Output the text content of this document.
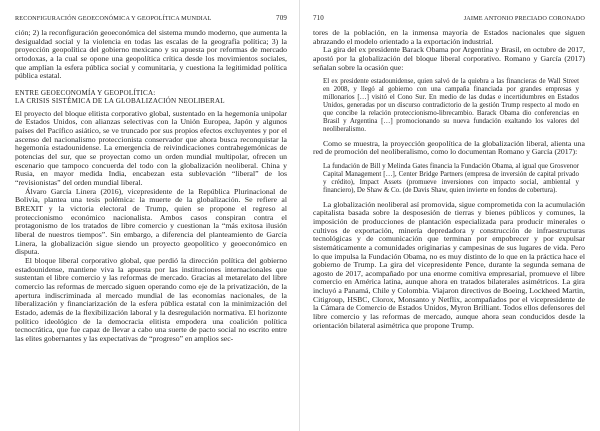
RECONFIGURACIÓN GEOECONÓMICA Y GEOPOLÍTICA MUNDIAL	709

ción; 2) la reconfiguración geoeconómica del sistema mundo moderno, que aumenta la desigualdad social y la violencia en todas las escalas de la geografía política; 3) la proyección geopolítica del gobierno mexicano y su apuesta por reformas de mercado ortodoxas, a la cual se opone una geopolítica crítica desde los movimientos sociales, que amplían la esfera pública social y comunitaria, y cuestiona la legitimidad política pública estatal.

ENTRE GEOECONOMÍA Y GEOPOLÍTICA:
LA CRISIS SISTÉMICA DE LA GLOBALIZACIÓN NEOLIBERAL

El proyecto del bloque elitista corporativo global, sustentado en la hegemonía unipolar de Estados Unidos, con alianzas selectivas con la Unión Europea, Japón y algunos países del Pacífico asiático, se ve truncado por sus propios efectos excluyentes y por el ascenso del nacionalismo proteccionista conservador que ahora busca reconquistar la hegemonía estadounidense. La emergencia de reivindicaciones contrahegemónicas de potencias del sur, que se proyectan como un orden mundial multipolar, ofrecen un escenario que tampoco concuerda del todo con la globalización neoliberal. China y Rusia, en mayor medida India, encabezan esta sublevación “liberal” de los “revisionistas” del orden mundial liberal.

Álvaro García Linera (2016), vicepresidente de la República Plurinacional de Bolivia, plantea una tesis polémica: la muerte de la globalización. Se refiere al BREXIT y la victoria electoral de Trump, quien se propone el regreso al proteccionismo económico nacionalista. Ambos casos conspiran contra el protagonismo de los tratados de libre comercio y cuestionan la “más exitosa ilusión liberal de nuestros tiempos”. Sin embargo, a diferencia del planteamiento de García Linera, la globalización sigue siendo un proyecto geopolítico y geoeconómico en disputa.

El bloque liberal corporativo global, que perdió la dirección política del gobierno estadounidense, mantiene viva la apuesta por las instituciones internacionales que sustentan el libre comercio y las reformas de mercado. Gracias al metarelato del libre comercio las reformas de mercado siguen operando como eje de la privatización, de la apertura indiscriminada al mercado mundial de las economías nacionales, de la liberalización y financiarización de la esfera pública estatal con la minimización del Estado, además de la flexibilización laboral y la desregulación normativa. El horizonte político ideológico de la democracia elitista empodera una coalición política tecnocrática, que fue capaz de llevar a cabo una suerte de pacto social no escrito entre las elites gobernantes y las expectativas de “progreso” en amplios sec-

710	JAIME ANTONIO PRECIADO CORONADO

tores de la población, en la inmensa mayoría de Estados nacionales que siguen abrazando el modelo orientado a la exportación industrial.

La gira del ex presidente Barack Obama por Argentina y Brasil, en octubre de 2017, apostó por la globalización del bloque liberal corporativo. Romano y García (2017) señalan sobre la ocasión que:

El ex presidente estadounidense, quien salvó de la quiebra a las financieras de Wall Street en 2008, y llegó al gobierno con una campaña financiada por grandes empresas y millonarios […] visitó el Cono Sur. En medio de las dudas e incertidumbres en Estados Unidos, generadas por un discurso contradictorio de la gestión Trump respecto al modo en que concibe la relación proteccionismo-librecambio. Barack Obama dio conferencias en Brasil y Argentina […] promocionando su nueva fundación exaltando los valores del neoliberalismo.

Como se muestra, la proyección geopolítica de la globalización liberal, alienta una red de promoción del neoliberalismo, como lo documentan Romano y García (2017):

La fundación de Bill y Melinda Gates financia la Fundación Obama, al igual que Grosvenor Capital Management […], Center Bridge Partners (empresa de inversión de capital privado y crédito), Impact Assets (promueve inversiones con impacto social, ambiental y financiero), De Shaw & Co. (de Davis Shaw, quien invierte en fondos de cobertura).

La globalización neoliberal así promovida, sigue comprometida con la acumulación capitalista basada sobre la desposesión de tierras y bienes públicos y comunes, la imposición de producciones de plantación especializada para producir minerales o cultivos de exportación, minería depredadora y construcción de infraestructuras tecnológicas y de comunicación que terminan por empobrecer y por expulsar sistemáticamente a comunidades originarias y campesinas de sus lugares de vida. Pero lo que impulsa la Fundación Obama, no es muy distinto de lo que en la práctica hace el gobierno de Trump. La gira del vicepresidente Pence, durante la segunda semana de agosto de 2017, acompañado por una enorme comitiva empresarial, promueve el libre comercio en América latina, aunque ahora en tratados bilaterales asimétricos. La gira incluyó a Panamá, Chile y Colombia. Viajaron directivos de Boeing, Lockheed Martin, Citigroup, HSBC, Clorox, Monsanto y Netflix, acompañados por el vicepresidente de la Cámara de Comercio de Estados Unidos, Myron Brilliant. Todos ellos defensores del libre comercio y las reformas de mercado, aunque ahora sean conducidos desde la orientación bilateral asimétrica que propone Trump.
